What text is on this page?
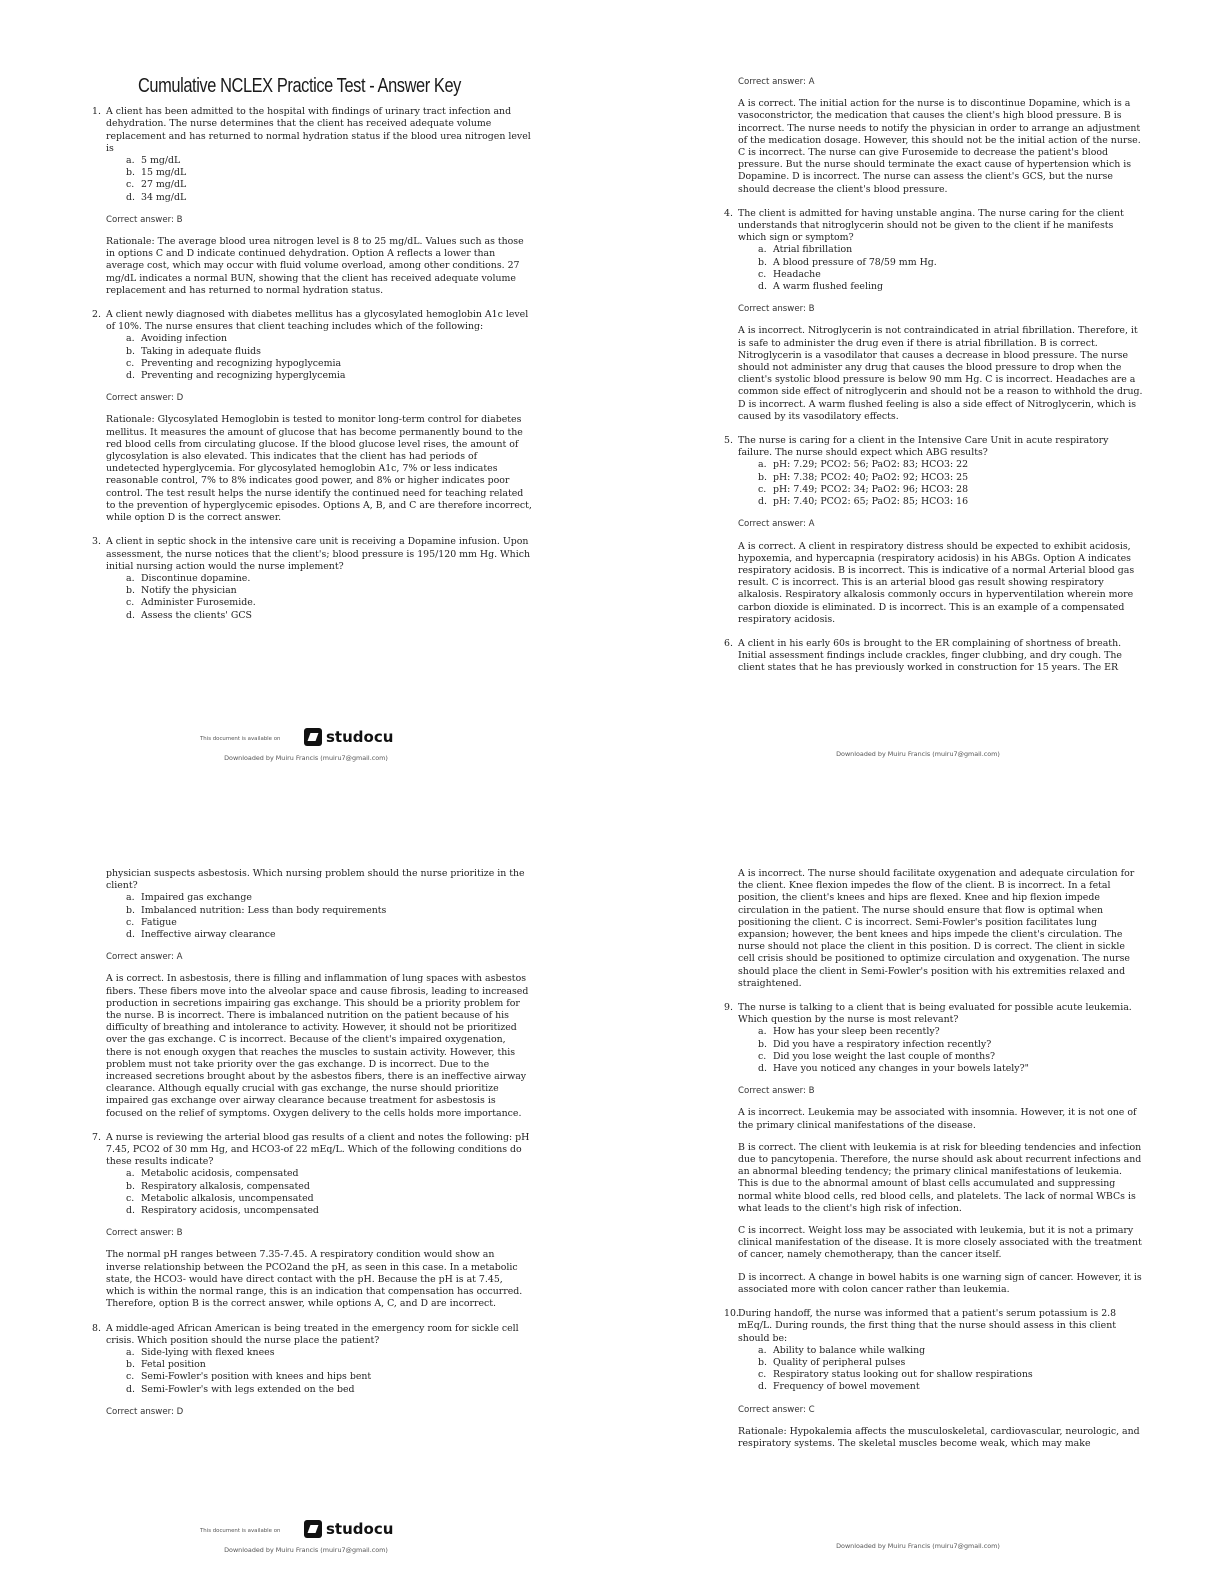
Cumulative NCLEX Practice Test - Answer Key
1. A client has been admitted to the hospital with findings of urinary tract infection and dehydration. The nurse determines that the client has received adequate volume replacement and has returned to normal hydration status if the blood urea nitrogen level is
a. 5 mg/dL
b. 15 mg/dL
c. 27 mg/dL
d. 34 mg/dL
Correct answer: B

Rationale: The average blood urea nitrogen level is 8 to 25 mg/dL. Values such as those in options C and D indicate continued dehydration. Option A reflects a lower than average cost, which may occur with fluid volume overload, among other conditions. 27 mg/dL indicates a normal BUN, showing that the client has received adequate volume replacement and has returned to normal hydration status.

2. A client newly diagnosed with diabetes mellitus has a glycosylated hemoglobin A1c level of 10%. The nurse ensures that client teaching includes which of the following:
a. Avoiding infection
b. Taking in adequate fluids
c. Preventing and recognizing hypoglycemia
d. Preventing and recognizing hyperglycemia
Correct answer: D

Rationale: Glycosylated Hemoglobin is tested to monitor long-term control for diabetes mellitus. It measures the amount of glucose that has become permanently bound to the red blood cells from circulating glucose. If the blood glucose level rises, the amount of glycosylation is also elevated. This indicates that the client has had periods of undetected hyperglycemia. For glycosylated hemoglobin A1c, 7% or less indicates reasonable control, 7% to 8% indicates good power, and 8% or higher indicates poor control. The test result helps the nurse identify the continued need for teaching related to the prevention of hyperglycemic episodes. Options A, B, and C are therefore incorrect, while option D is the correct answer.

3. A client in septic shock in the intensive care unit is receiving a Dopamine infusion. Upon assessment, the nurse notices that the client's; blood pressure is 195/120 mm Hg. Which initial nursing action would the nurse implement?
a. Discontinue dopamine.
b. Notify the physician
c. Administer Furosemide.
d. Assess the clients' GCS
This document is available on	studocu
Downloaded by Muiru Francis (muiru7@gmail.com)
Correct answer: A

A is correct. The initial action for the nurse is to discontinue Dopamine, which is a vasoconstrictor, the medication that causes the client's high blood pressure. B is incorrect. The nurse needs to notify the physician in order to arrange an adjustment of the medication dosage. However, this should not be the initial action of the nurse. C is incorrect. The nurse can give Furosemide to decrease the patient's blood pressure. But the nurse should terminate the exact cause of hypertension which is Dopamine. D is incorrect. The nurse can assess the client's GCS, but the nurse should decrease the client's blood pressure.

4. The client is admitted for having unstable angina. The nurse caring for the client understands that nitroglycerin should not be given to the client if he manifests which sign or symptom?
a. Atrial fibrillation
b. A blood pressure of 78/59 mm Hg.
c. Headache
d. A warm flushed feeling
Correct answer: B

A is incorrect. Nitroglycerin is not contraindicated in atrial fibrillation. Therefore, it is safe to administer the drug even if there is atrial fibrillation. B is correct. Nitroglycerin is a vasodilator that causes a decrease in blood pressure. The nurse should not administer any drug that causes the blood pressure to drop when the client's systolic blood pressure is below 90 mm Hg. C is incorrect. Headaches are a common side effect of nitroglycerin and should not be a reason to withhold the drug. D is incorrect. A warm flushed feeling is also a side effect of Nitroglycerin, which is caused by its vasodilatory effects.

5. The nurse is caring for a client in the Intensive Care Unit in acute respiratory failure. The nurse should expect which ABG results?
a. pH: 7.29; PCO2: 56; PaO2: 83; HCO3: 22
b. pH: 7.38; PCO2: 40; PaO2: 92; HCO3: 25
c. pH: 7.49; PCO2: 34; PaO2: 96; HCO3: 28
d. pH: 7.40; PCO2: 65; PaO2: 85; HCO3: 16
Correct answer: A

A is correct. A client in respiratory distress should be expected to exhibit acidosis, hypoxemia, and hypercapnia (respiratory acidosis) in his ABGs. Option A indicates respiratory acidosis. B is incorrect. This is indicative of a normal Arterial blood gas result. C is incorrect. This is an arterial blood gas result showing respiratory alkalosis. Respiratory alkalosis commonly occurs in hyperventilation wherein more carbon dioxide is eliminated. D is incorrect. This is an example of a compensated respiratory acidosis.

6. A client in his early 60s is brought to the ER complaining of shortness of breath. Initial assessment findings include crackles, finger clubbing, and dry cough. The client states that he has previously worked in construction for 15 years. The ER
Downloaded by Muiru Francis (muiru7@gmail.com)
physician suspects asbestosis. Which nursing problem should the nurse prioritize in the client?
a. Impaired gas exchange
b. Imbalanced nutrition: Less than body requirements
c. Fatigue
d. Ineffective airway clearance
Correct answer: A

A is correct. In asbestosis, there is filling and inflammation of lung spaces with asbestos fibers. These fibers move into the alveolar space and cause fibrosis, leading to increased production in secretions impairing gas exchange. This should be a priority problem for the nurse. B is incorrect. There is imbalanced nutrition on the patient because of his difficulty of breathing and intolerance to activity. However, it should not be prioritized over the gas exchange. C is incorrect. Because of the client's impaired oxygenation, there is not enough oxygen that reaches the muscles to sustain activity. However, this problem must not take priority over the gas exchange. D is incorrect. Due to the increased secretions brought about by the asbestos fibers, there is an ineffective airway clearance. Although equally crucial with gas exchange, the nurse should prioritize impaired gas exchange over airway clearance because treatment for asbestosis is focused on the relief of symptoms. Oxygen delivery to the cells holds more importance.

7. A nurse is reviewing the arterial blood gas results of a client and notes the following: pH 7.45, PCO2 of 30 mm Hg, and HCO3-of 22 mEq/L. Which of the following conditions do these results indicate?
a. Metabolic acidosis, compensated
b. Respiratory alkalosis, compensated
c. Metabolic alkalosis, uncompensated
d. Respiratory acidosis, uncompensated
Correct answer: B

The normal pH ranges between 7.35-7.45. A respiratory condition would show an inverse relationship between the PCO2and the pH, as seen in this case. In a metabolic state, the HCO3- would have direct contact with the pH. Because the pH is at 7.45, which is within the normal range, this is an indication that compensation has occurred. Therefore, option B is the correct answer, while options A, C, and D are incorrect.

8. A middle-aged African American is being treated in the emergency room for sickle cell crisis. Which position should the nurse place the patient?
a. Side-lying with flexed knees
b. Fetal position
c. Semi-Fowler's position with knees and hips bent
d. Semi-Fowler's with legs extended on the bed
Correct answer: D
This document is available on	studocu
Downloaded by Muiru Francis (muiru7@gmail.com)

A is incorrect. The nurse should facilitate oxygenation and adequate circulation for the client. Knee flexion impedes the flow of the client. B is incorrect. In a fetal position, the client's knees and hips are flexed. Knee and hip flexion impede circulation in the patient. The nurse should ensure that flow is optimal when positioning the client. C is incorrect. Semi-Fowler's position facilitates lung expansion; however, the bent knees and hips impede the client's circulation. The nurse should not place the client in this position. D is correct. The client in sickle cell crisis should be positioned to optimize circulation and oxygenation. The nurse should place the client in Semi-Fowler's position with his extremities relaxed and straightened.

9. The nurse is talking to a client that is being evaluated for possible acute leukemia. Which question by the nurse is most relevant?
a. How has your sleep been recently?
b. Did you have a respiratory infection recently?
c. Did you lose weight the last couple of months?
d. Have you noticed any changes in your bowels lately?"
Correct answer: B

A is incorrect. Leukemia may be associated with insomnia. However, it is not one of the primary clinical manifestations of the disease.

B is correct. The client with leukemia is at risk for bleeding tendencies and infection due to pancytopenia. Therefore, the nurse should ask about recurrent infections and an abnormal bleeding tendency; the primary clinical manifestations of leukemia. This is due to the abnormal amount of blast cells accumulated and suppressing normal white blood cells, red blood cells, and platelets. The lack of normal WBCs is what leads to the client's high risk of infection.

C is incorrect. Weight loss may be associated with leukemia, but it is not a primary clinical manifestation of the disease. It is more closely associated with the treatment of cancer, namely chemotherapy, than the cancer itself.

D is incorrect. A change in bowel habits is one warning sign of cancer. However, it is associated more with colon cancer rather than leukemia.

10. During handoff, the nurse was informed that a patient's serum potassium is 2.8 mEq/L. During rounds, the first thing that the nurse should assess in this client should be:
a. Ability to balance while walking
b. Quality of peripheral pulses
c. Respiratory status looking out for shallow respirations
d. Frequency of bowel movement
Correct answer: C

Rationale: Hypokalemia affects the musculoskeletal, cardiovascular, neurologic, and respiratory systems. The skeletal muscles become weak, which may make

Downloaded by Muiru Francis (muiru7@gmail.com)
